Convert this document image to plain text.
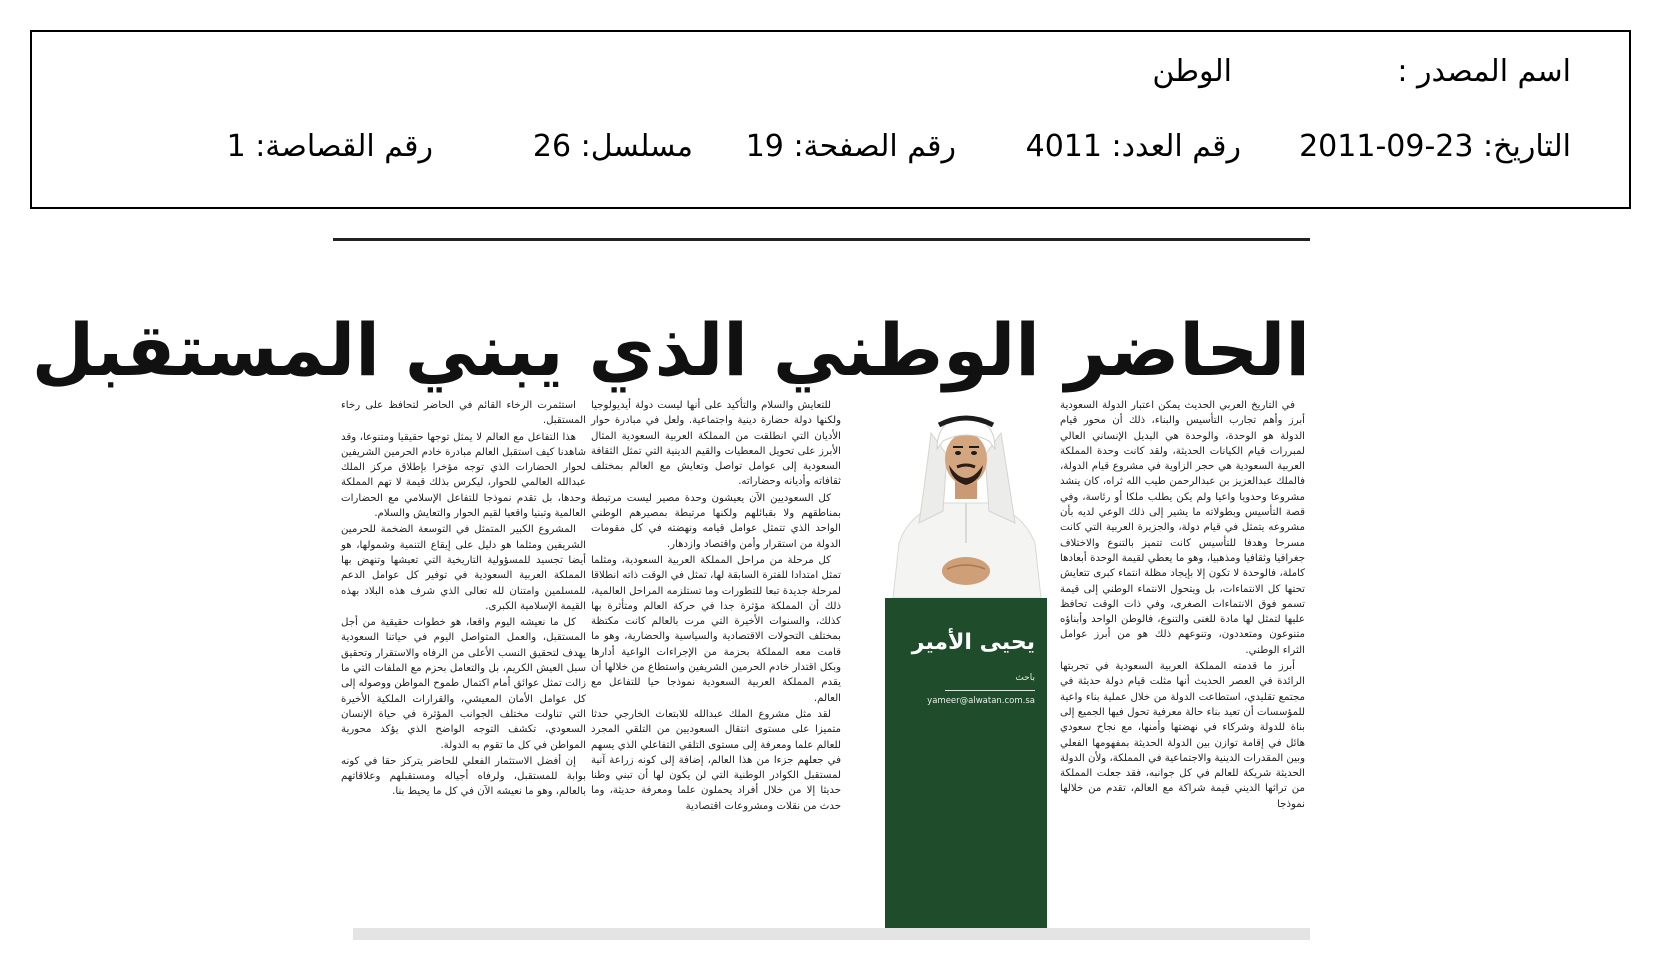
اسم المصدر :
الوطن
التاريخ: 23-09-2011
رقم العدد: 4011
رقم الصفحة: 19
مسلسل: 26
رقم القصاصة: 1
الحاضر الوطني الذي يبني المستقبل

في التاريخ العربي الحديث يمكن اعتبار الدولة السعودية أبرز وأهم تجارب التأسيس والبناء، ذلك أن محور قيام الدولة هو الوحدة، والوحدة هي البديل الإنساني العالي لمبررات قيام الكيانات الحديثة، ولقد كانت وحدة المملكة العربية السعودية هي حجر الزاوية في مشروع قيام الدولة، فالملك عبدالعزيز بن عبدالرحمن طيب الله ثراه، كان ينشد مشروعا وحدويا واعيا ولم يكن يطلب ملكا أو رئاسة، وفي قصة التأسيس وبطولاته ما يشير إلى ذلك الوعي لديه بأن مشروعه يتمثل في قيام دولة، والجزيرة العربية التي كانت مسرحا وهدفا للتأسيس كانت تتميز بالتنوع والاختلاف جغرافيا وثقافيا ومذهبيا، وهو ما يعطي لقيمة الوحدة أبعادها كاملة، فالوحدة لا تكون إلا بإيجاد مظلة انتماء كبرى تتعايش تحتها كل الانتماءات، بل ويتحول الانتماء الوطني إلى قيمة تسمو فوق الانتماءات الصغرى، وفي ذات الوقت تحافظ عليها لتمثل لها مادة للغنى والتنوع، فالوطن الواحد وأبناؤه متنوعون ومتعددون، وتنوعهم ذلك هو من أبرز عوامل الثراء الوطني.

أبرز ما قدمته المملكة العربية السعودية في تجربتها الرائدة في العصر الحديث أنها مثلت قيام دولة حديثة في مجتمع تقليدي، استطاعت الدولة من خلال عملية بناء واعية للمؤسسات أن تعيد بناء حالة معرفية تحول فيها الجميع إلى بناة للدولة وشركاء في نهضتها وأمنها، مع نجاح سعودي هائل في إقامة توازن بين الدولة الحديثة بمفهومها الفعلي وبين المقدرات الدينية والاجتماعية في المملكة، ولأن الدولة الحديثة شريكة للعالم في كل جوانبه، فقد جعلت المملكة من تراثها الديني قيمة شراكة مع العالم، تقدم من خلالها نموذجا

يحيى الأمير
باحث
yameer@alwatan.com.sa

للتعايش والسلام والتأكيد على أنها ليست دولة أيديولوجيا ولكنها دولة حضارة دينية واجتماعية. ولعل في مبادرة حوار الأديان التي انطلقت من المملكة العربية السعودية المثال الأبرز على تحويل المعطيات والقيم الدينية التي تمثل الثقافة السعودية إلى عوامل تواصل وتعايش مع العالم بمختلف ثقافاته وأديانه وحضاراته.

كل السعوديين الآن يعيشون وحدة مصير ليست مرتبطة بمناطقهم ولا بقبائلهم ولكنها مرتبطة بمصيرهم الوطني الواحد الذي تتمثل عوامل قيامه ونهضته في كل مقومات الدولة من استقرار وأمن واقتصاد وازدهار.

كل مرحلة من مراحل المملكة العربية السعودية، ومثلما تمثل امتدادا للفترة السابقة لها، تمثل في الوقت ذاته انطلاقا لمرحلة جديدة تبعا للتطورات وما تستلزمه المراحل العالمية، ذلك أن المملكة مؤثرة جدا في حركة العالم ومتأثرة بها كذلك، والسنوات الأخيرة التي مرت بالعالم كانت مكتظة بمختلف التحولات الاقتصادية والسياسية والحضارية، وهو ما قامت معه المملكة بحزمة من الإجراءات الواعية أدارها وبكل اقتدار خادم الحرمين الشريفين واستطاع من خلالها أن يقدم المملكة العربية السعودية نموذجا حيا للتفاعل مع العالم.

لقد مثل مشروع الملك عبدالله للابتعاث الخارجي حدثا متميزا على مستوى انتقال السعوديين من التلقي المجرد للعالم علما ومعرفة إلى مستوى التلقي التفاعلي الذي يسهم في جعلهم جزءا من هذا العالم، إضافة إلى كونه زراعة آنية لمستقبل الكوادر الوطنية التي لن يكون لها أن تبني وطنا حديثا إلا من خلال أفراد يحملون علما ومعرفة حديثة، وما حدث من نقلات ومشروعات اقتصادية

استثمرت الرخاء القائم في الحاضر لتحافظ على رخاء المستقبل.

هذا التفاعل مع العالم لا يمثل توجها حقيقيا ومتنوعا، وقد شاهدنا كيف استقبل العالم مبادرة خادم الحرمين الشريفين لحوار الحضارات الذي توجه مؤخرا بإطلاق مركز الملك عبدالله العالمي للحوار، ليكرس بذلك قيمة لا تهم المملكة وحدها، بل تقدم نموذجا للتفاعل الإسلامي مع الحضارات العالمية وتبنيا واقعيا لقيم الحوار والتعايش والسلام.

المشروع الكبير المتمثل في التوسعة الضخمة للحرمين الشريفين ومثلما هو دليل على إيقاع التنمية وشمولها، هو أيضا تجسيد للمسؤولية التاريخية التي تعيشها وتنهض بها المملكة العربية السعودية في توفير كل عوامل الدعم للمسلمين وامتنان لله تعالى الذي شرف هذه البلاد بهذه القيمة الإسلامية الكبرى.

كل ما نعيشه اليوم واقعا، هو خطوات حقيقية من أجل المستقبل، والعمل المتواصل اليوم في حياتنا السعودية يهدف لتحقيق النسب الأعلى من الرفاه والاستقرار وتحقيق سبل العيش الكريم، بل والتعامل بحزم مع الملفات التي ما زالت تمثل عوائق أمام اكتمال طموح المواطن ووصوله إلى كل عوامل الأمان المعيشي، والقرارات الملكية الأخيرة التي تناولت مختلف الجوانب المؤثرة في حياة الإنسان السعودي، تكشف التوجه الواضح الذي يؤكد محورية المواطن في كل ما تقوم به الدولة.

إن أفضل الاستثمار الفعلي للحاضر يتركز حقا في كونه بوابة للمستقبل، ولرفاه أجياله ومستقبلهم وعلاقاتهم بالعالم، وهو ما نعيشه الآن في كل ما يحيط بنا.
